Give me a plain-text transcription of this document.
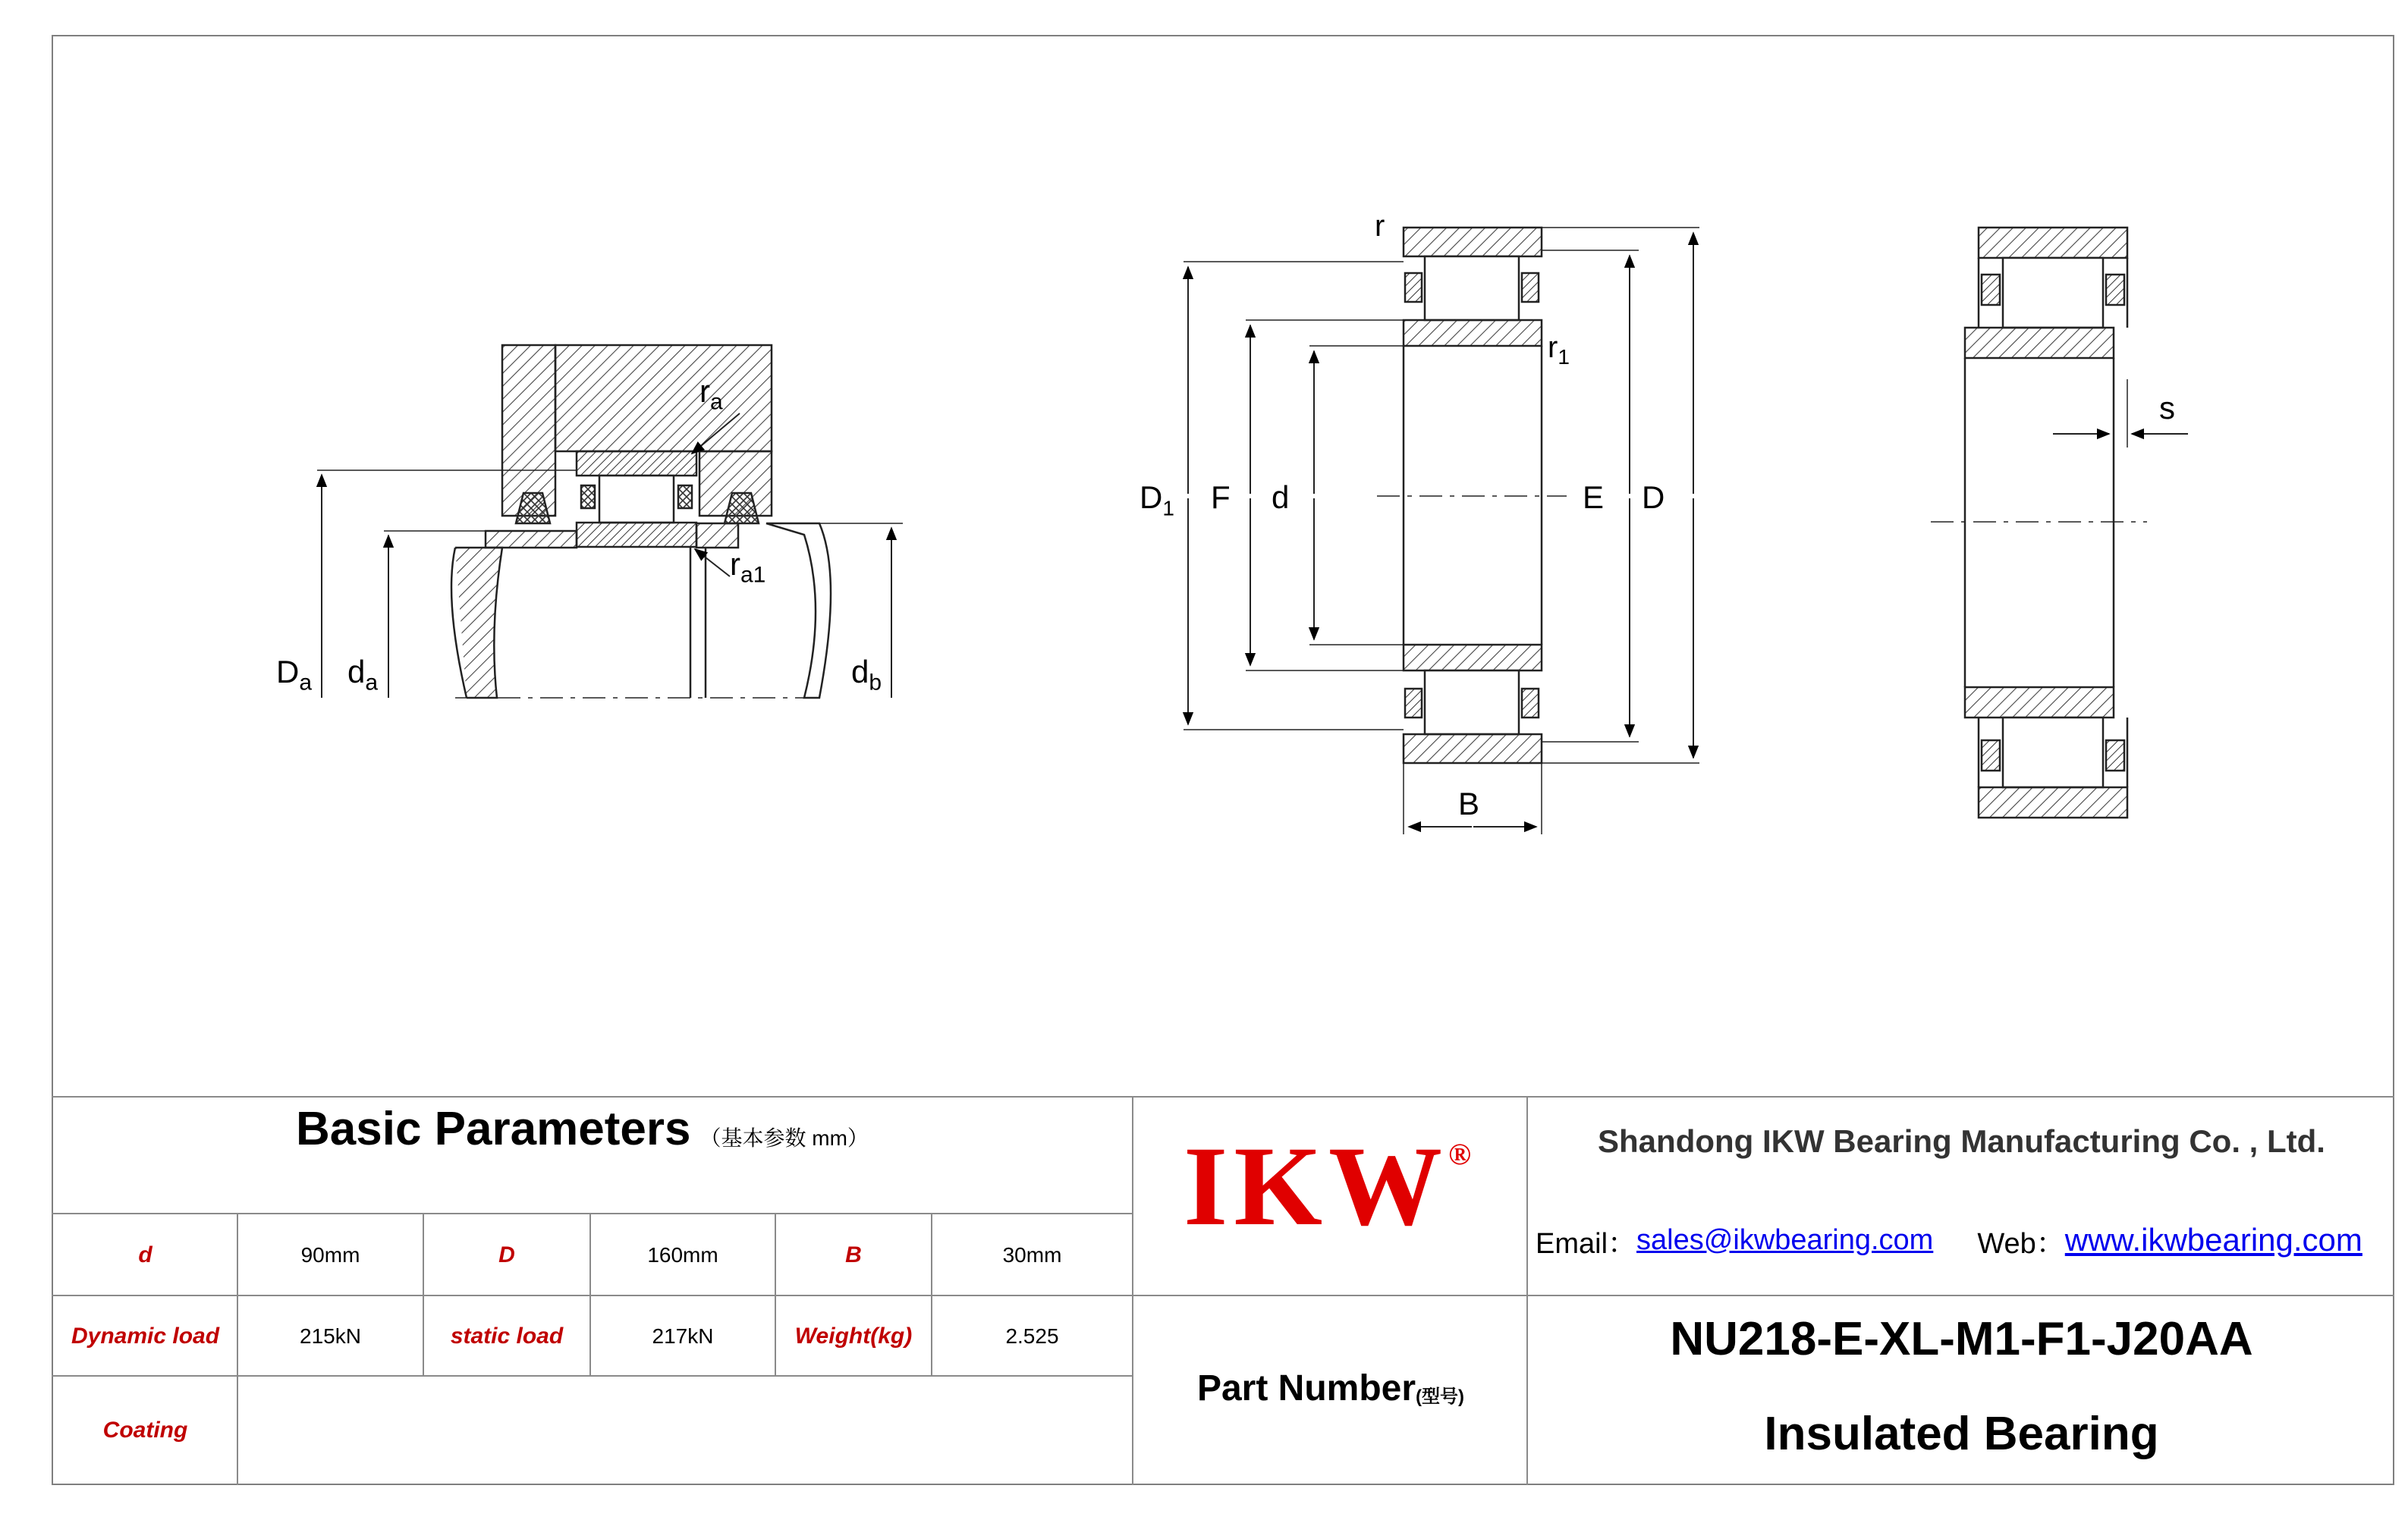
$D_a$ $d_a$	$d_b$
$r_a$
$r_{a1}$
r
$r_1$
$D_1$ F d	E D
B
s
Basic Parameters （基本参数 mm）
d	90mm	D	160mm	B	30mm
Dynamic load	215kN	static load	217kN	Weight(kg)	2.525
Coating
IKW ®
Part Number (型号)
Shandong IKW Bearing Manufacturing Co. , Ltd.
Email： sales@ikwbearing.com Web： www.ikwbearing.com
NU218-E-XL-M1-F1-J20AA
Insulated Bearing
